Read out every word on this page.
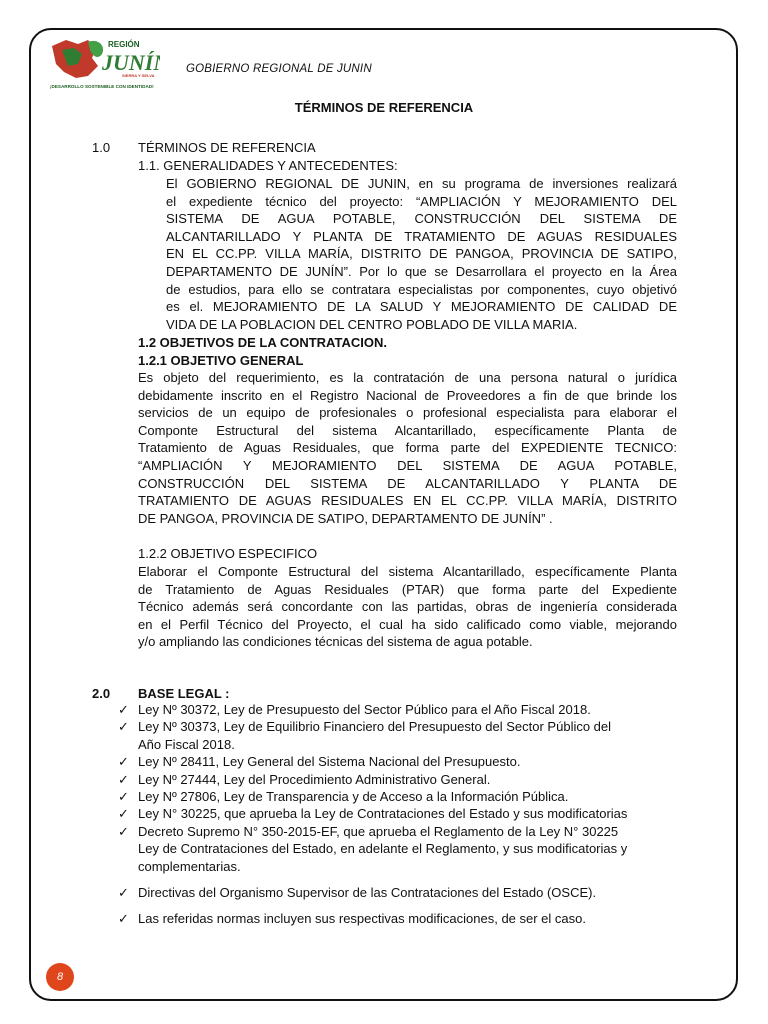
REGIÓN
JUNÍ
SIERRA Y SELVA
¡DESARROLLO SOSTENIBLE CON IDENTIDAD!
GOBIERNO REGIONAL DE JUNIN
TÉRMINOS DE REFERENCIA
1.0 TÉRMINOS DE REFERENCIA
1.1. GENERALIDADES Y ANTECEDENTES:
El GOBIERNO REGIONAL DE JUNIN, en su programa de inversiones realizará
el expediente técnico del proyecto: “AMPLIACIÓN Y MEJORAMIENTO DEL
SISTEMA DE AGUA POTABLE, CONSTRUCCIÓN DEL SISTEMA DE
ALCANTARILLADO Y PLANTA DE TRATAMIENTO DE AGUAS RESIDUALES
EN EL CC.PP. VILLA MARÍA, DISTRITO DE PANGOA, PROVINCIA DE SATIPO,
DEPARTAMENTO DE JUNÍN”. Por lo que se Desarrollara el proyecto en la Área
de estudios, para ello se contratara especialistas por componentes, cuyo objetivó
es el. MEJORAMIENTO DE LA SALUD Y MEJORAMIENTO DE CALIDAD DE
VIDA DE LA POBLACION DEL CENTRO POBLADO DE VILLA MARIA.
1.2 OBJETIVOS DE LA CONTRATACION.
1.2.1 OBJETIVO GENERAL
Es objeto del requerimiento, es la contratación de una persona natural o jurídica
debidamente inscrito en el Registro Nacional de Proveedores a fin de que brinde los
servicios de un equipo de profesionales o profesional especialista para elaborar el
Componte Estructural del sistema Alcantarillado, específicamente Planta de
Tratamiento de Aguas Residuales, que forma parte del EXPEDIENTE TECNICO:
“AMPLIACIÓN Y MEJORAMIENTO DEL SISTEMA DE AGUA POTABLE,
CONSTRUCCIÓN DEL SISTEMA DE ALCANTARILLADO Y PLANTA DE
TRATAMIENTO DE AGUAS RESIDUALES EN EL CC.PP. VILLA MARÍA, DISTRITO
DE PANGOA, PROVINCIA DE SATIPO, DEPARTAMENTO DE JUNÍN” .
1.2.2 OBJETIVO ESPECIFICO
Elaborar el Componte Estructural del sistema Alcantarillado, específicamente Planta
de Tratamiento de Aguas Residuales (PTAR) que forma parte del Expediente
Técnico además será concordante con las partidas, obras de ingeniería considerada
en el Perfil Técnico del Proyecto, el cual ha sido calificado como viable, mejorando
y/o ampliando las condiciones técnicas del sistema de agua potable.
2.0 BASE LEGAL :
✓ Ley Nº 30372, Ley de Presupuesto del Sector Público para el Año Fiscal 2018.
✓ Ley Nº 30373, Ley de Equilibrio Financiero del Presupuesto del Sector Público del
Año Fiscal 2018.
✓ Ley Nº 28411, Ley General del Sistema Nacional del Presupuesto.
✓ Ley Nº 27444, Ley del Procedimiento Administrativo General.
✓ Ley Nº 27806, Ley de Transparencia y de Acceso a la Información Pública.
✓ Ley N° 30225, que aprueba la Ley de Contrataciones del Estado y sus modificatorias
✓ Decreto Supremo N° 350-2015-EF, que aprueba el Reglamento de la Ley N° 30225
Ley de Contrataciones del Estado, en adelante el Reglamento, y sus modificatorias y
complementarias.
✓ Directivas del Organismo Supervisor de las Contrataciones del Estado (OSCE).
✓ Las referidas normas incluyen sus respectivas modificaciones, de ser el caso.
8
